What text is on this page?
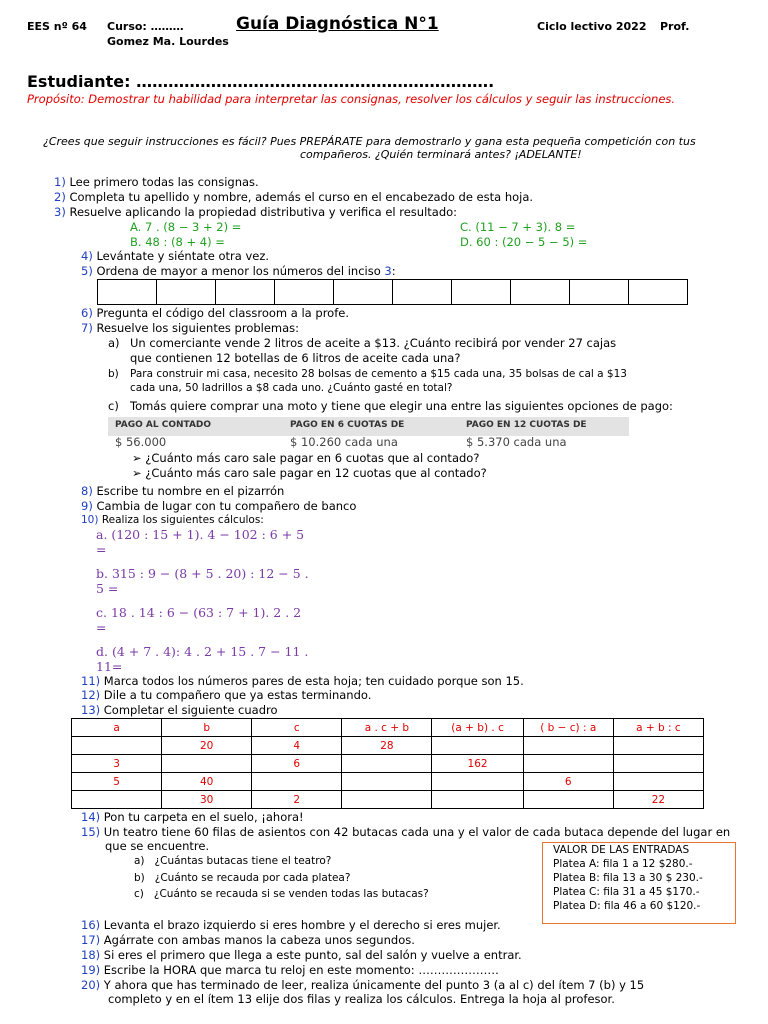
EES nº 64 Curso: ………	Guía Diagnóstica N°1	Ciclo lectivo 2022 Prof.
Gomez Ma. Lourdes
Estudiante: ………………………………………………………….
Propósito: Demostrar tu habilidad para interpretar las consignas, resolver los cálculos y seguir las instrucciones.
¿Crees que seguir instrucciones es fácil? Pues PREPÁRATE para demostrarlo y gana esta pequeña competición con tus
compañeros. ¿Quién terminará antes? ¡ADELANTE!
1) Lee primero todas las consignas.
2) Completa tu apellido y nombre, además el curso en el encabezado de esta hoja.
3) Resuelve aplicando la propiedad distributiva y verifica el resultado:
A. 7 . (8 − 3 + 2) =	C. (11 − 7 + 3). 8 =
B. 48 : (8 + 4) =	D. 60 : (20 − 5 − 5) =
4) Levántate y siéntate otra vez.
5) Ordena de mayor a menor los números del inciso 3:

6) Pregunta el código del classroom a la profe.
7) Resuelve los siguientes problemas:
a) Un comerciante vende 2 litros de aceite a $13. ¿Cuánto recibirá por vender 27 cajas
que contienen 12 botellas de 6 litros de aceite cada una?
b) Para construir mi casa, necesito 28 bolsas de cemento a $15 cada una, 35 bolsas de cal a $13
cada una, 50 ladrillos a $8 cada uno. ¿Cuánto gasté en total?
c) Tomás quiere comprar una moto y tiene que elegir una entre las siguientes opciones de pago:
PAGO AL CONTADO	PAGO EN 6 CUOTAS DE	PAGO EN 12 CUOTAS DE
$ 56.000	$ 10.260 cada una	$ 5.370 cada una
➢ ¿Cuánto más caro sale pagar en 6 cuotas que al contado?
➢ ¿Cuánto más caro sale pagar en 12 cuotas que al contado?
8) Escribe tu nombre en el pizarrón
9) Cambia de lugar con tu compañero de banco
10) Realiza los siguientes cálculos:
a. (120 : 15 + 1). 4 − 102 : 6 + 5
=
b. 315 : 9 − (8 + 5 . 20) : 12 − 5 .
5 =
c. 18 . 14 : 6 − (63 : 7 + 1). 2 . 2
=
d. (4 + 7 . 4): 4 . 2 + 15 . 7 − 11 .
11=
11) Marca todos los números pares de esta hoja; ten cuidado porque son 15.
12) Dile a tu compañero que ya estas terminando.
13) Completar el siguiente cuadro
a	b	c	a . c + b	(a + b) . c	( b − c) : a	a + b : c
	20	4	28			
3		6		162		
5	40				6	
	30	2				22
14) Pon tu carpeta en el suelo, ¡ahora!
15) Un teatro tiene 60 filas de asientos con 42 butacas cada una y el valor de cada butaca depende del lugar en
que se encuentre.
a) ¿Cuántas butacas tiene el teatro?
b) ¿Cuánto se recauda por cada platea?
c) ¿Cuánto se recauda si se venden todas las butacas?
VALOR DE LAS ENTRADAS
Platea A: fila 1 a 12 $280.-
Platea B: fila 13 a 30 $ 230.-
Platea C: fila 31 a 45 $170.-
Platea D: fila 46 a 60 $120.-
16) Levanta el brazo izquierdo si eres hombre y el derecho si eres mujer.
17) Agárrate con ambas manos la cabeza unos segundos.
18) Si eres el primero que llega a este punto, sal del salón y vuelve a entrar.
19) Escribe la HORA que marca tu reloj en este momento: …………………
20) Y ahora que has terminado de leer, realiza únicamente del punto 3 (a al c) del ítem 7 (b) y 15
completo y en el ítem 13 elije dos filas y realiza los cálculos. Entrega la hoja al profesor.
